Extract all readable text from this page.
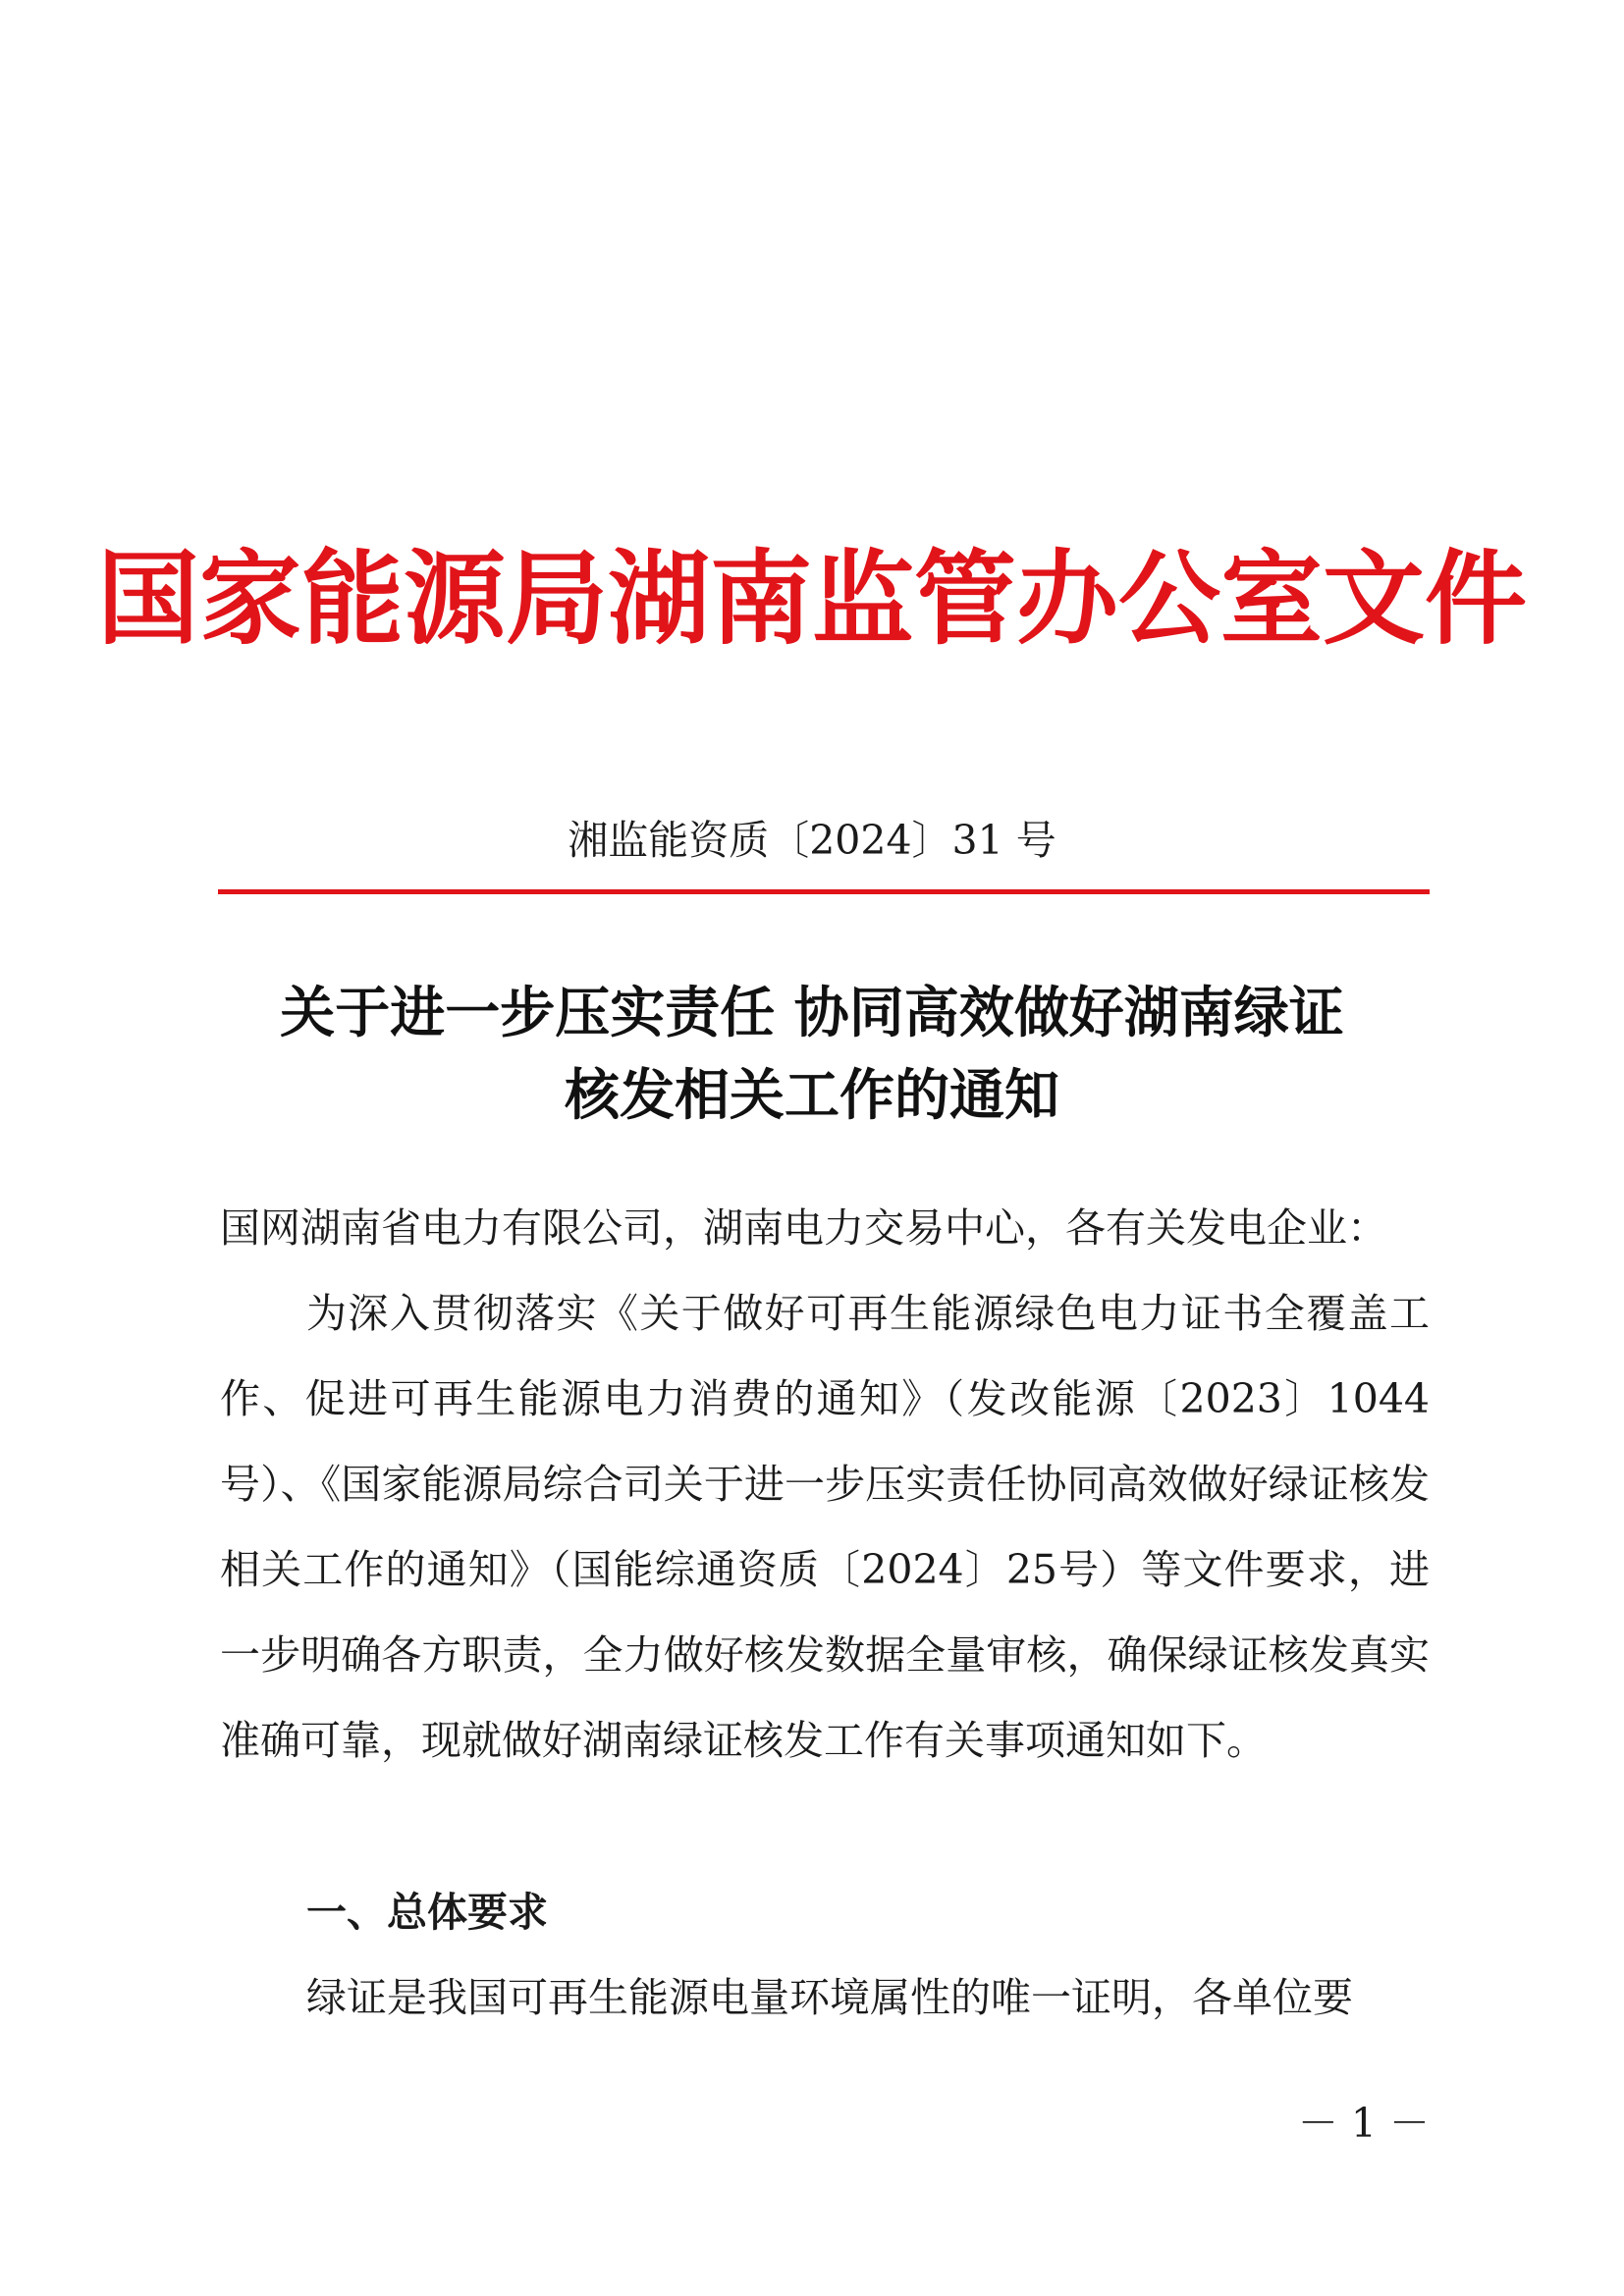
国家能源局湖南监管办公室文件
湘监能资质〔2024〕31 号
关于进一步压实责任 协同高效做好湖南绿证
核发相关工作的通知
国网湖南省电力有限公司，湖南电力交易中心，各有关发电企业：
为深入贯彻落实《关于做好可再生能源绿色电力证书全覆盖工作、促进可再生能源电力消费的通知》（发改能源〔2023〕1044号）、《国家能源局综合司关于进一步压实责任协同高效做好绿证核发相关工作的通知》（国能综通资质〔2024〕25号）等文件要求，进一步明确各方职责，全力做好核发数据全量审核，确保绿证核发真实准确可靠，现就做好湖南绿证核发工作有关事项通知如下。
一、总体要求
绿证是我国可再生能源电量环境属性的唯一证明，各单位要
－ 1 －
